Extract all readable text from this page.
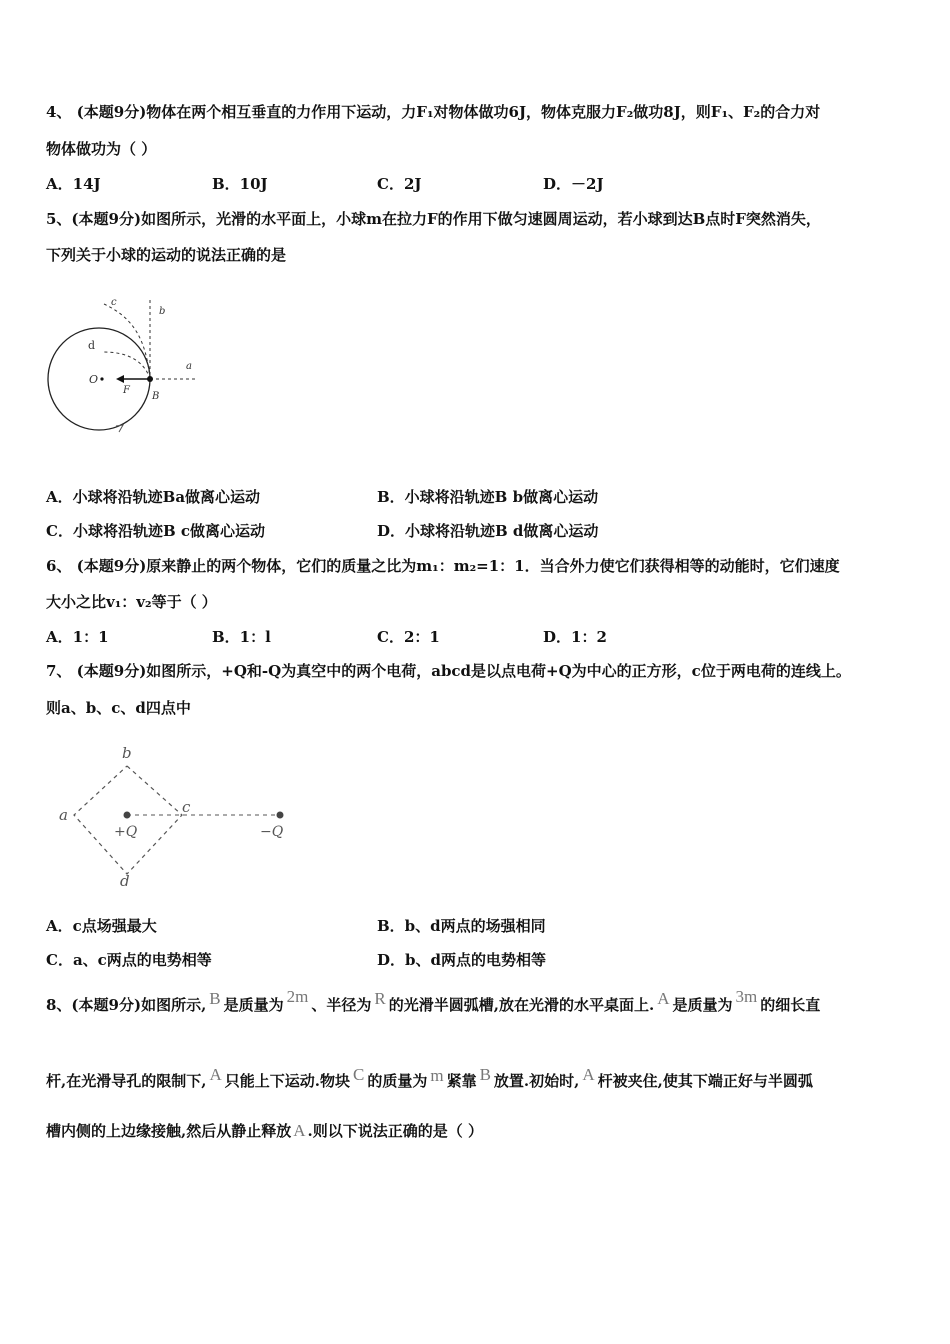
4、 (本题9分)物体在两个相互垂直的力作用下运动，力F₁对物体做功6J，物体克服力F₂做功8J，则F₁、F₂的合力对
物体做功为（ ）
A．14J	B．10J	C．2J	D．－2J
5、(本题9分)如图所示，光滑的水平面上，小球m在拉力F的作用下做匀速圆周运动，若小球到达B点时F突然消失，
下列关于小球的运动的说法正确的是
c
b
d
a
O
F
B
A．小球将沿轨迹Ba做离心运动	B．小球将沿轨迹B b做离心运动
C．小球将沿轨迹B c做离心运动	D．小球将沿轨迹B d做离心运动
6、 (本题9分)原来静止的两个物体，它们的质量之比为m₁：m₂=1：1．当合外力使它们获得相等的动能时，它们速度
大小之比v₁：v₂等于（ ）
A．1：1	B．1：l	C．2：1	D．1：2
7、 (本题9分)如图所示，+Q和-Q为真空中的两个电荷，abcd是以点电荷+Q为中心的正方形，c位于两电荷的连线上。
则a、b、c、d四点中
b
a	c
d
+Q	−Q
A．c点场强最大	B．b、d两点的场强相同
C．a、c两点的电势相等	D．b、d两点的电势相等
8、(本题9分)如图所示, B 是质量为 2m 、半径为 R 的光滑半圆弧槽,放在光滑的水平桌面上. A 是质量为 3m 的细长直
杆,在光滑导孔的限制下, A 只能上下运动.物块 C 的质量为 m 紧靠 B 放置.初始时, A 杆被夹住,使其下端正好与半圆弧
槽内侧的上边缘接触,然后从静止释放 A .则以下说法正确的是（ ）
